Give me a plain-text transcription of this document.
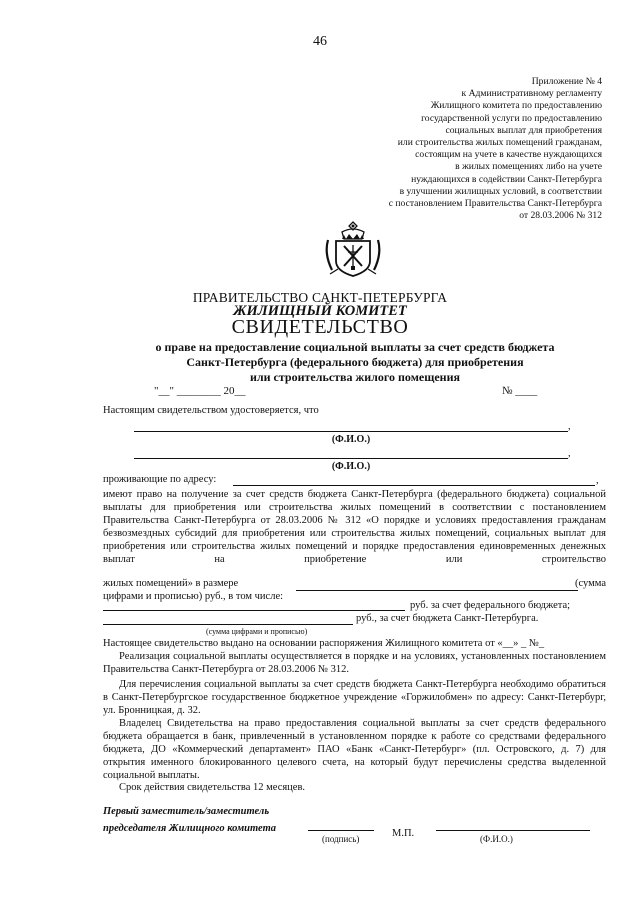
46
Приложение № 4
к Административному регламенту
Жилищного комитета по предоставлению
государственной услуги по предоставлению
социальных выплат для приобретения
или строительства жилых помещений гражданам,
состоящим на учете в качестве нуждающихся
в жилых помещениях либо на учете
нуждающихся в содействии Санкт-Петербурга
в улучшении жилищных условий, в соответствии
с постановлением Правительства Санкт-Петербурга
от 28.03.2006 № 312
ПРАВИТЕЛЬСТВО САНКТ-ПЕТЕРБУРГА
ЖИЛИЩНЫЙ КОМИТЕТ
СВИДЕТЕЛЬСТВО
о праве на предоставление социальной выплаты за счет средств бюджета
Санкт-Петербурга (федерального бюджета) для приобретения
или строительства жилого помещения
"__" ________ 20__	№ ____
Настоящим свидетельством удостоверяется, что
,
(Ф.И.О.)
,
(Ф.И.О.)
проживающие по адресу:	,
имеют право на получение за счет средств бюджета Санкт-Петербурга (федерального бюджета) социальной выплаты для приобретения или строительства жилых помещений в соответствии с постановлением Правительства Санкт-Петербурга от 28.03.2006 № 312 «О порядке и условиях предоставления гражданам безвозмездных субсидий для приобретения или строительства жилых помещений, социальных выплат для приобретения или строительства жилых помещений и порядке предоставления единовременных денежных выплат на приобретение или строительство
жилых помещений» в размере	(сумма
цифрами и прописью) руб., в том числе:
руб. за счет федерального бюджета;
руб., за счет бюджета Санкт-Петербурга.
(сумма цифрами и прописью)
Настоящее свидетельство выдано на основании распоряжения Жилищного комитета от «__» _ №_
Реализация социальной выплаты осуществляется в порядке и на условиях, установленных постановлением Правительства Санкт-Петербурга от 28.03.2006 № 312.
Для перечисления социальной выплаты за счет средств бюджета Санкт-Петербурга необходимо обратиться в Санкт-Петербургское государственное бюджетное учреждение «Горжилобмен» по адресу: Санкт-Петербург, ул. Бронницкая, д. 32.
Владелец Свидетельства на право предоставления социальной выплаты за счет средств федерального бюджета обращается в банк, привлеченный в установленном порядке к работе со средствами федерального бюджета, ДО «Коммерческий департамент» ПАО «Банк «Санкт-Петербург» (пл. Островского, д. 7) для открытия именного блокированного целевого счета, на который будут перечислены средства выделенной социальной выплаты.
Срок действия свидетельства 12 месяцев.
Первый заместитель/заместитель
председателя Жилищного комитета
(подпись)	М.П.	(Ф.И.О.)
